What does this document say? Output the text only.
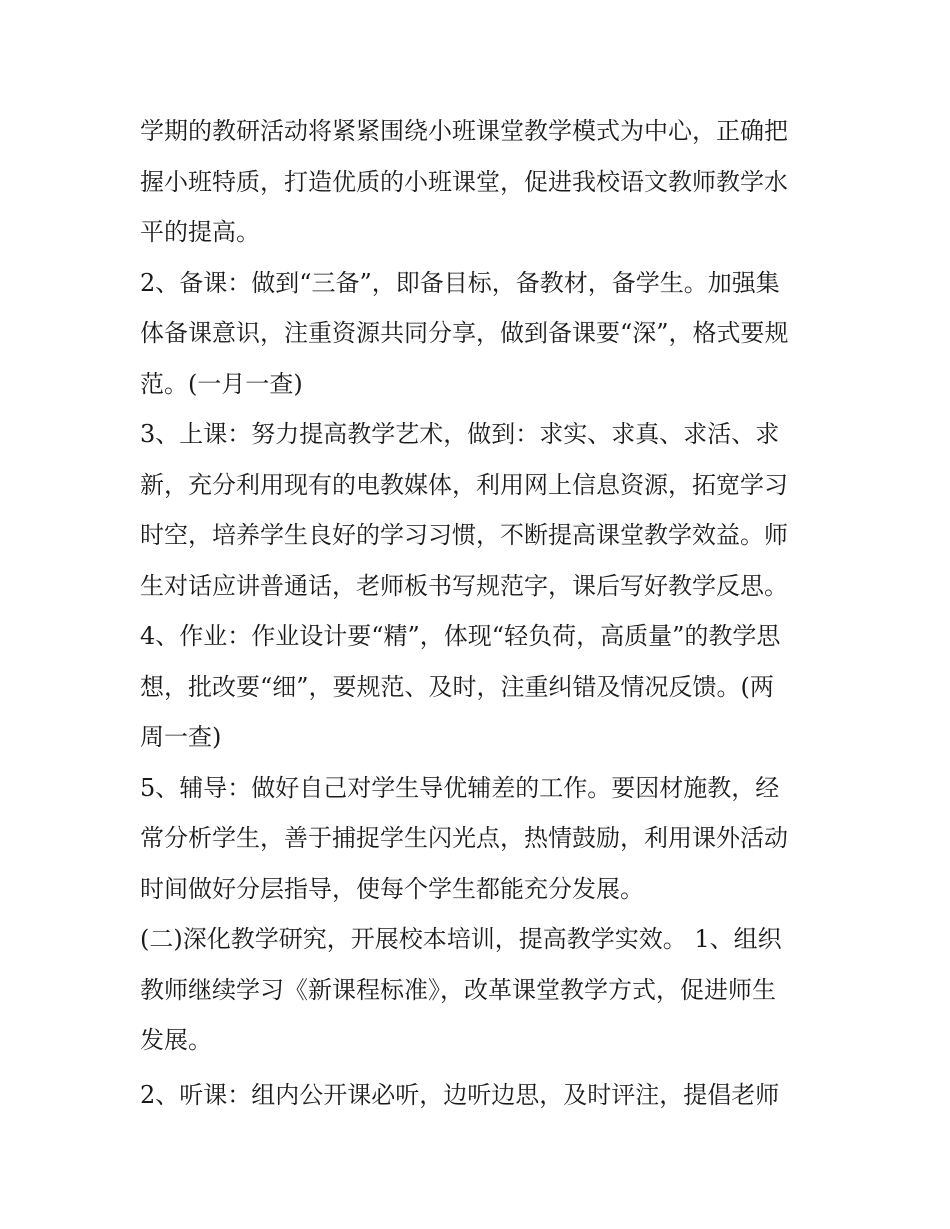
学期的教研活动将紧紧围绕小班课堂教学模式为中心，正确把
握小班特质，打造优质的小班课堂，促进我校语文教师教学水
平的提高。
2、备课：做到“三备”，即备目标，备教材，备学生。加强集
体备课意识，注重资源共同分享，做到备课要“深”，格式要规
范。(一月一查)
3、上课：努力提高教学艺术，做到：求实、求真、求活、求
新，充分利用现有的电教媒体，利用网上信息资源，拓宽学习
时空，培养学生良好的学习习惯，不断提高课堂教学效益。师
生对话应讲普通话，老师板书写规范字，课后写好教学反思。
4、作业：作业设计要“精”，体现“轻负荷，高质量”的教学思
想，批改要“细”，要规范、及时，注重纠错及情况反馈。(两
周一查)
5、辅导：做好自己对学生导优辅差的工作。要因材施教，经
常分析学生，善于捕捉学生闪光点，热情鼓励，利用课外活动
时间做好分层指导，使每个学生都能充分发展。
(二)深化教学研究，开展校本培训，提高教学实效。 1、组织
教师继续学习《新课程标准》，改革课堂教学方式，促进师生
发展。
2、听课：组内公开课必听，边听边思，及时评注，提倡老师
